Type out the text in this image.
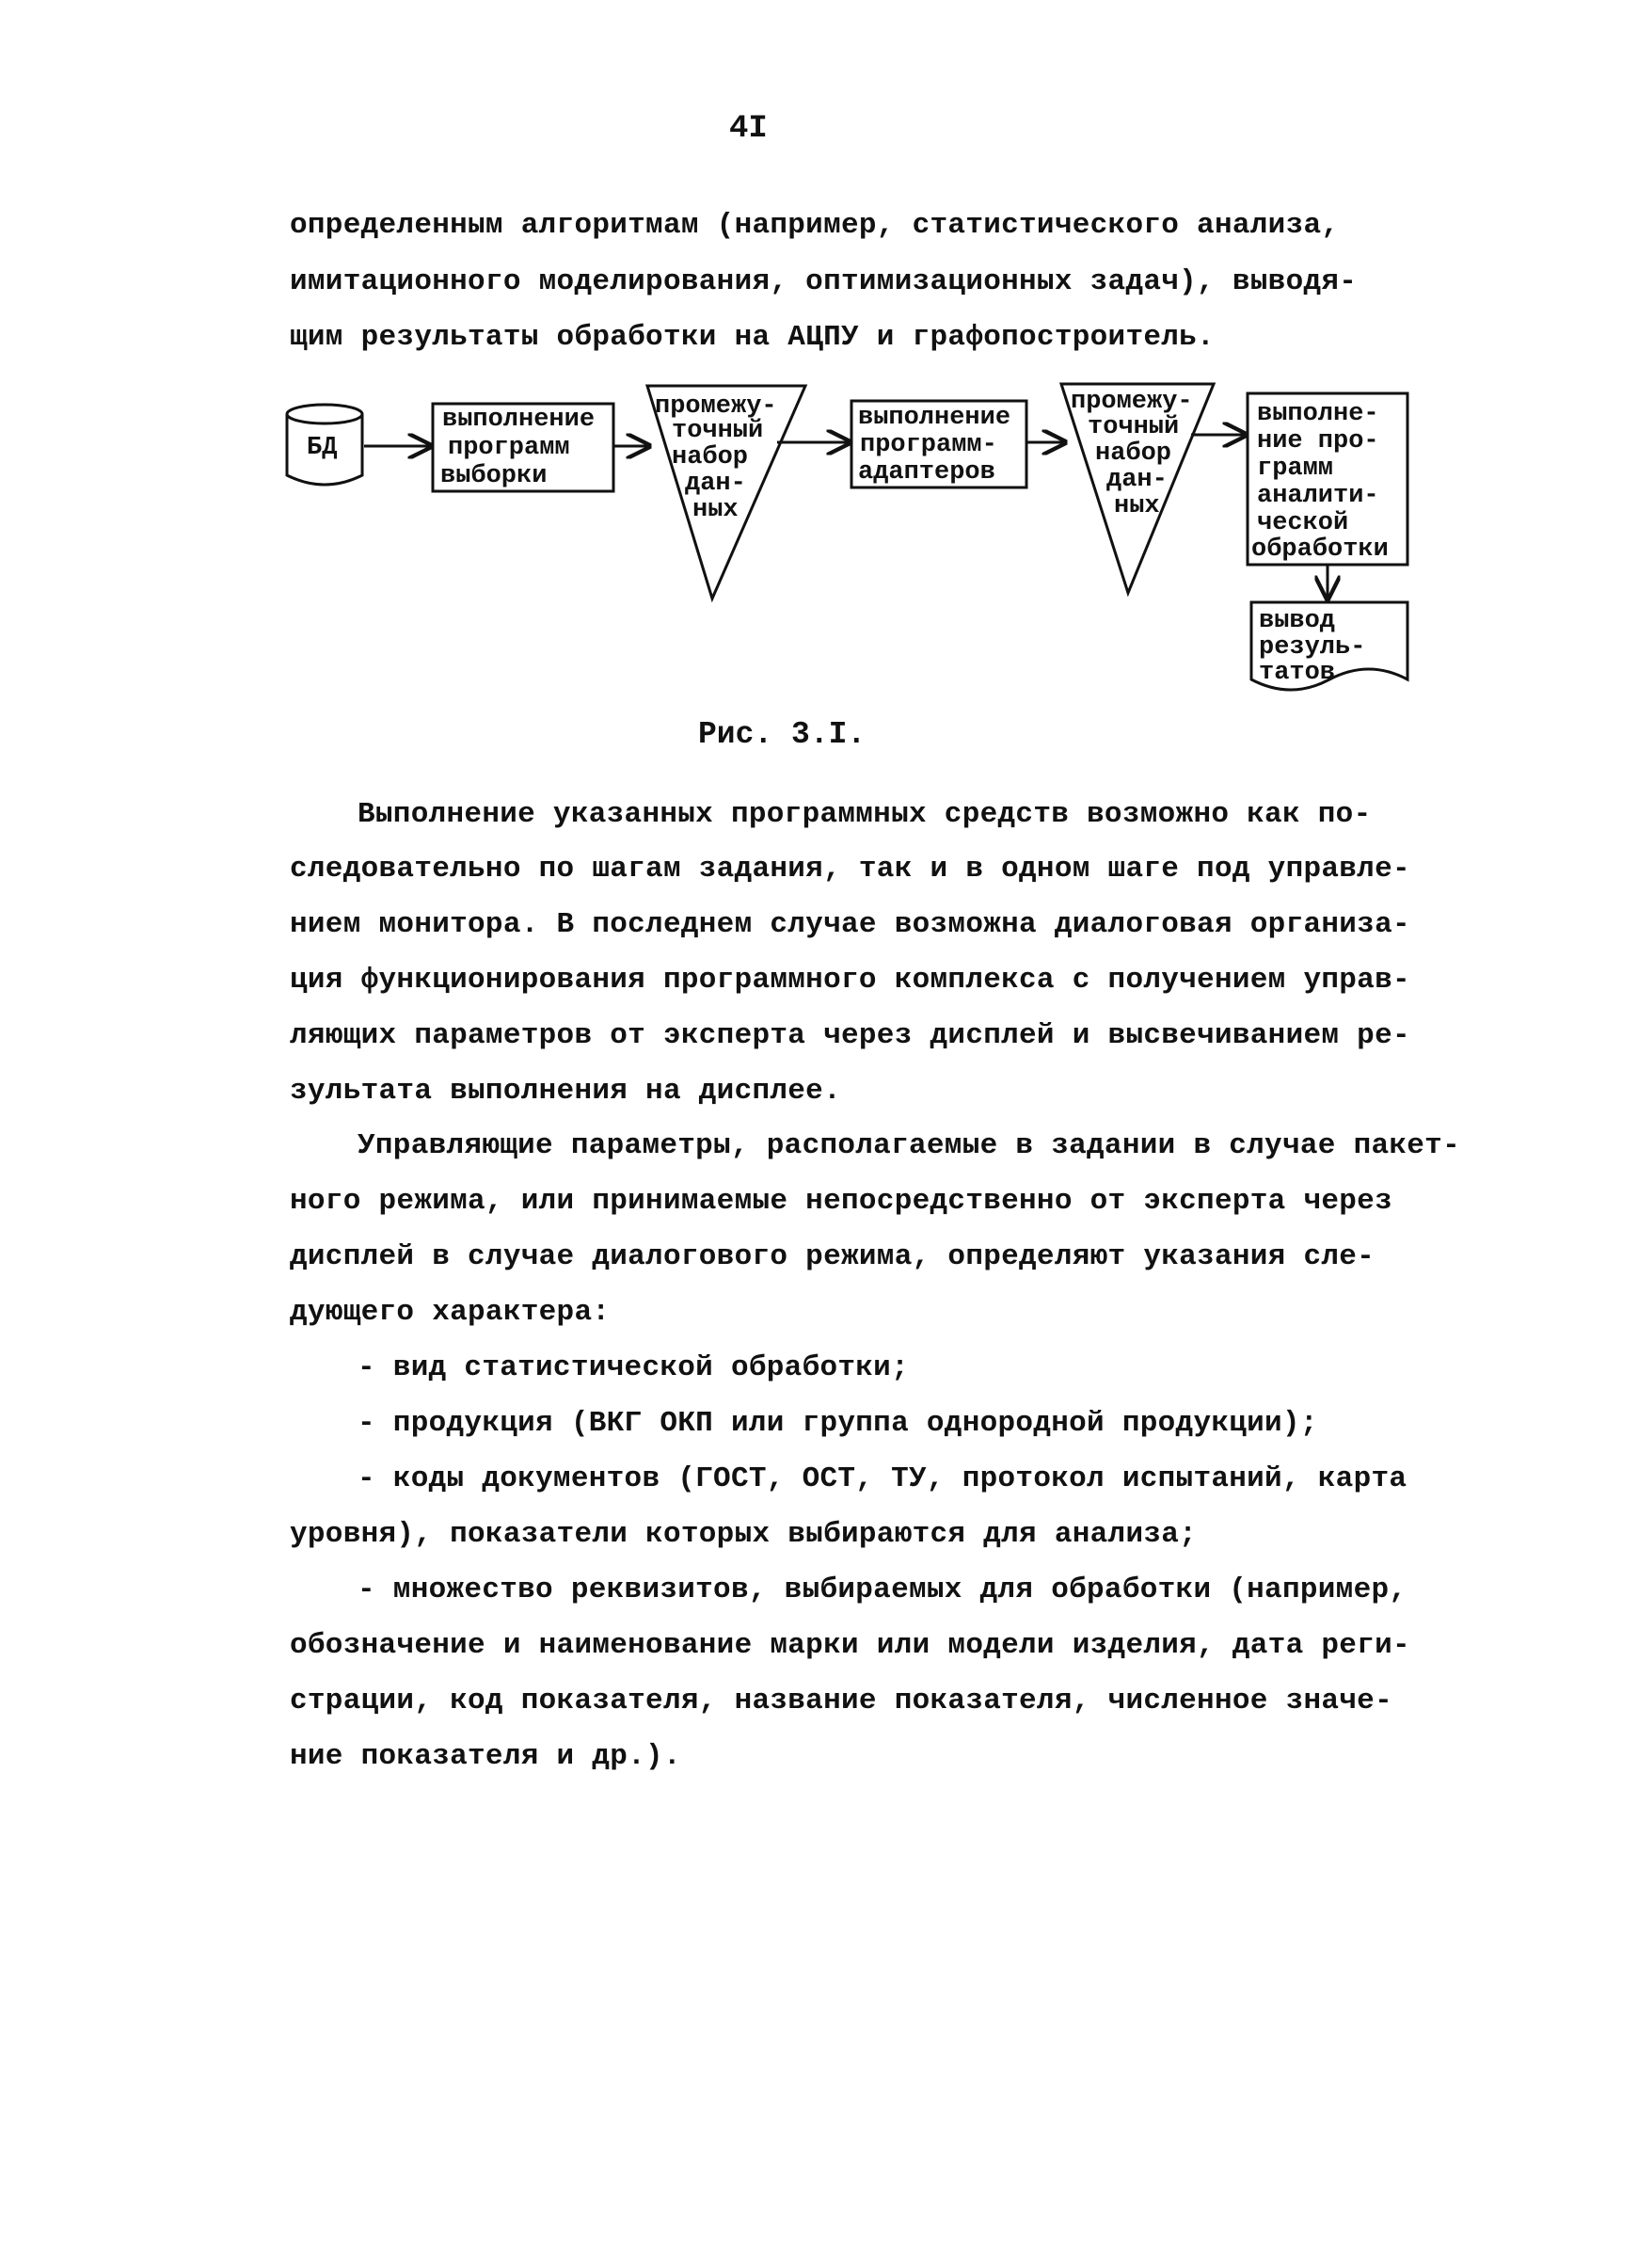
4I
определенным алгоритмам (например, статистического анализа,
имитационного моделирования, оптимизационных задач), выводя-
щим результаты обработки на АЦПУ и графопостроитель.
БД
выполнение
программ
выборки
промежу-
точный
набор
дан-
ных
выполнение
программ-
адаптеров
промежу-
точный
набор
дан-
ных
выполне-
ние про-
грамм
аналити-
ческой
обработки
вывод
резуль-
татов
Рис. 3.I.
Выполнение указанных программных средств возможно как по-
следовательно по шагам задания, так и в одном шаге под управле-
нием монитора. В последнем случае возможна диалоговая организа-
ция функционирования программного комплекса с получением управ-
ляющих параметров от эксперта через дисплей и высвечиванием ре-
зультата выполнения на дисплее.
Управляющие параметры, располагаемые в задании в случае пакет-
ного режима, или принимаемые непосредственно от эксперта через
дисплей в случае диалогового режима, определяют указания сле-
дующего характера:
- вид статистической обработки;
- продукция (ВКГ ОКП или группа однородной продукции);
- коды документов (ГОСТ, ОСТ, ТУ, протокол испытаний, карта
уровня), показатели которых выбираются для анализа;
- множество реквизитов, выбираемых для обработки (например,
обозначение и наименование марки или модели изделия, дата реги-
страции, код показателя, название показателя, численное значе-
ние показателя и др.).
